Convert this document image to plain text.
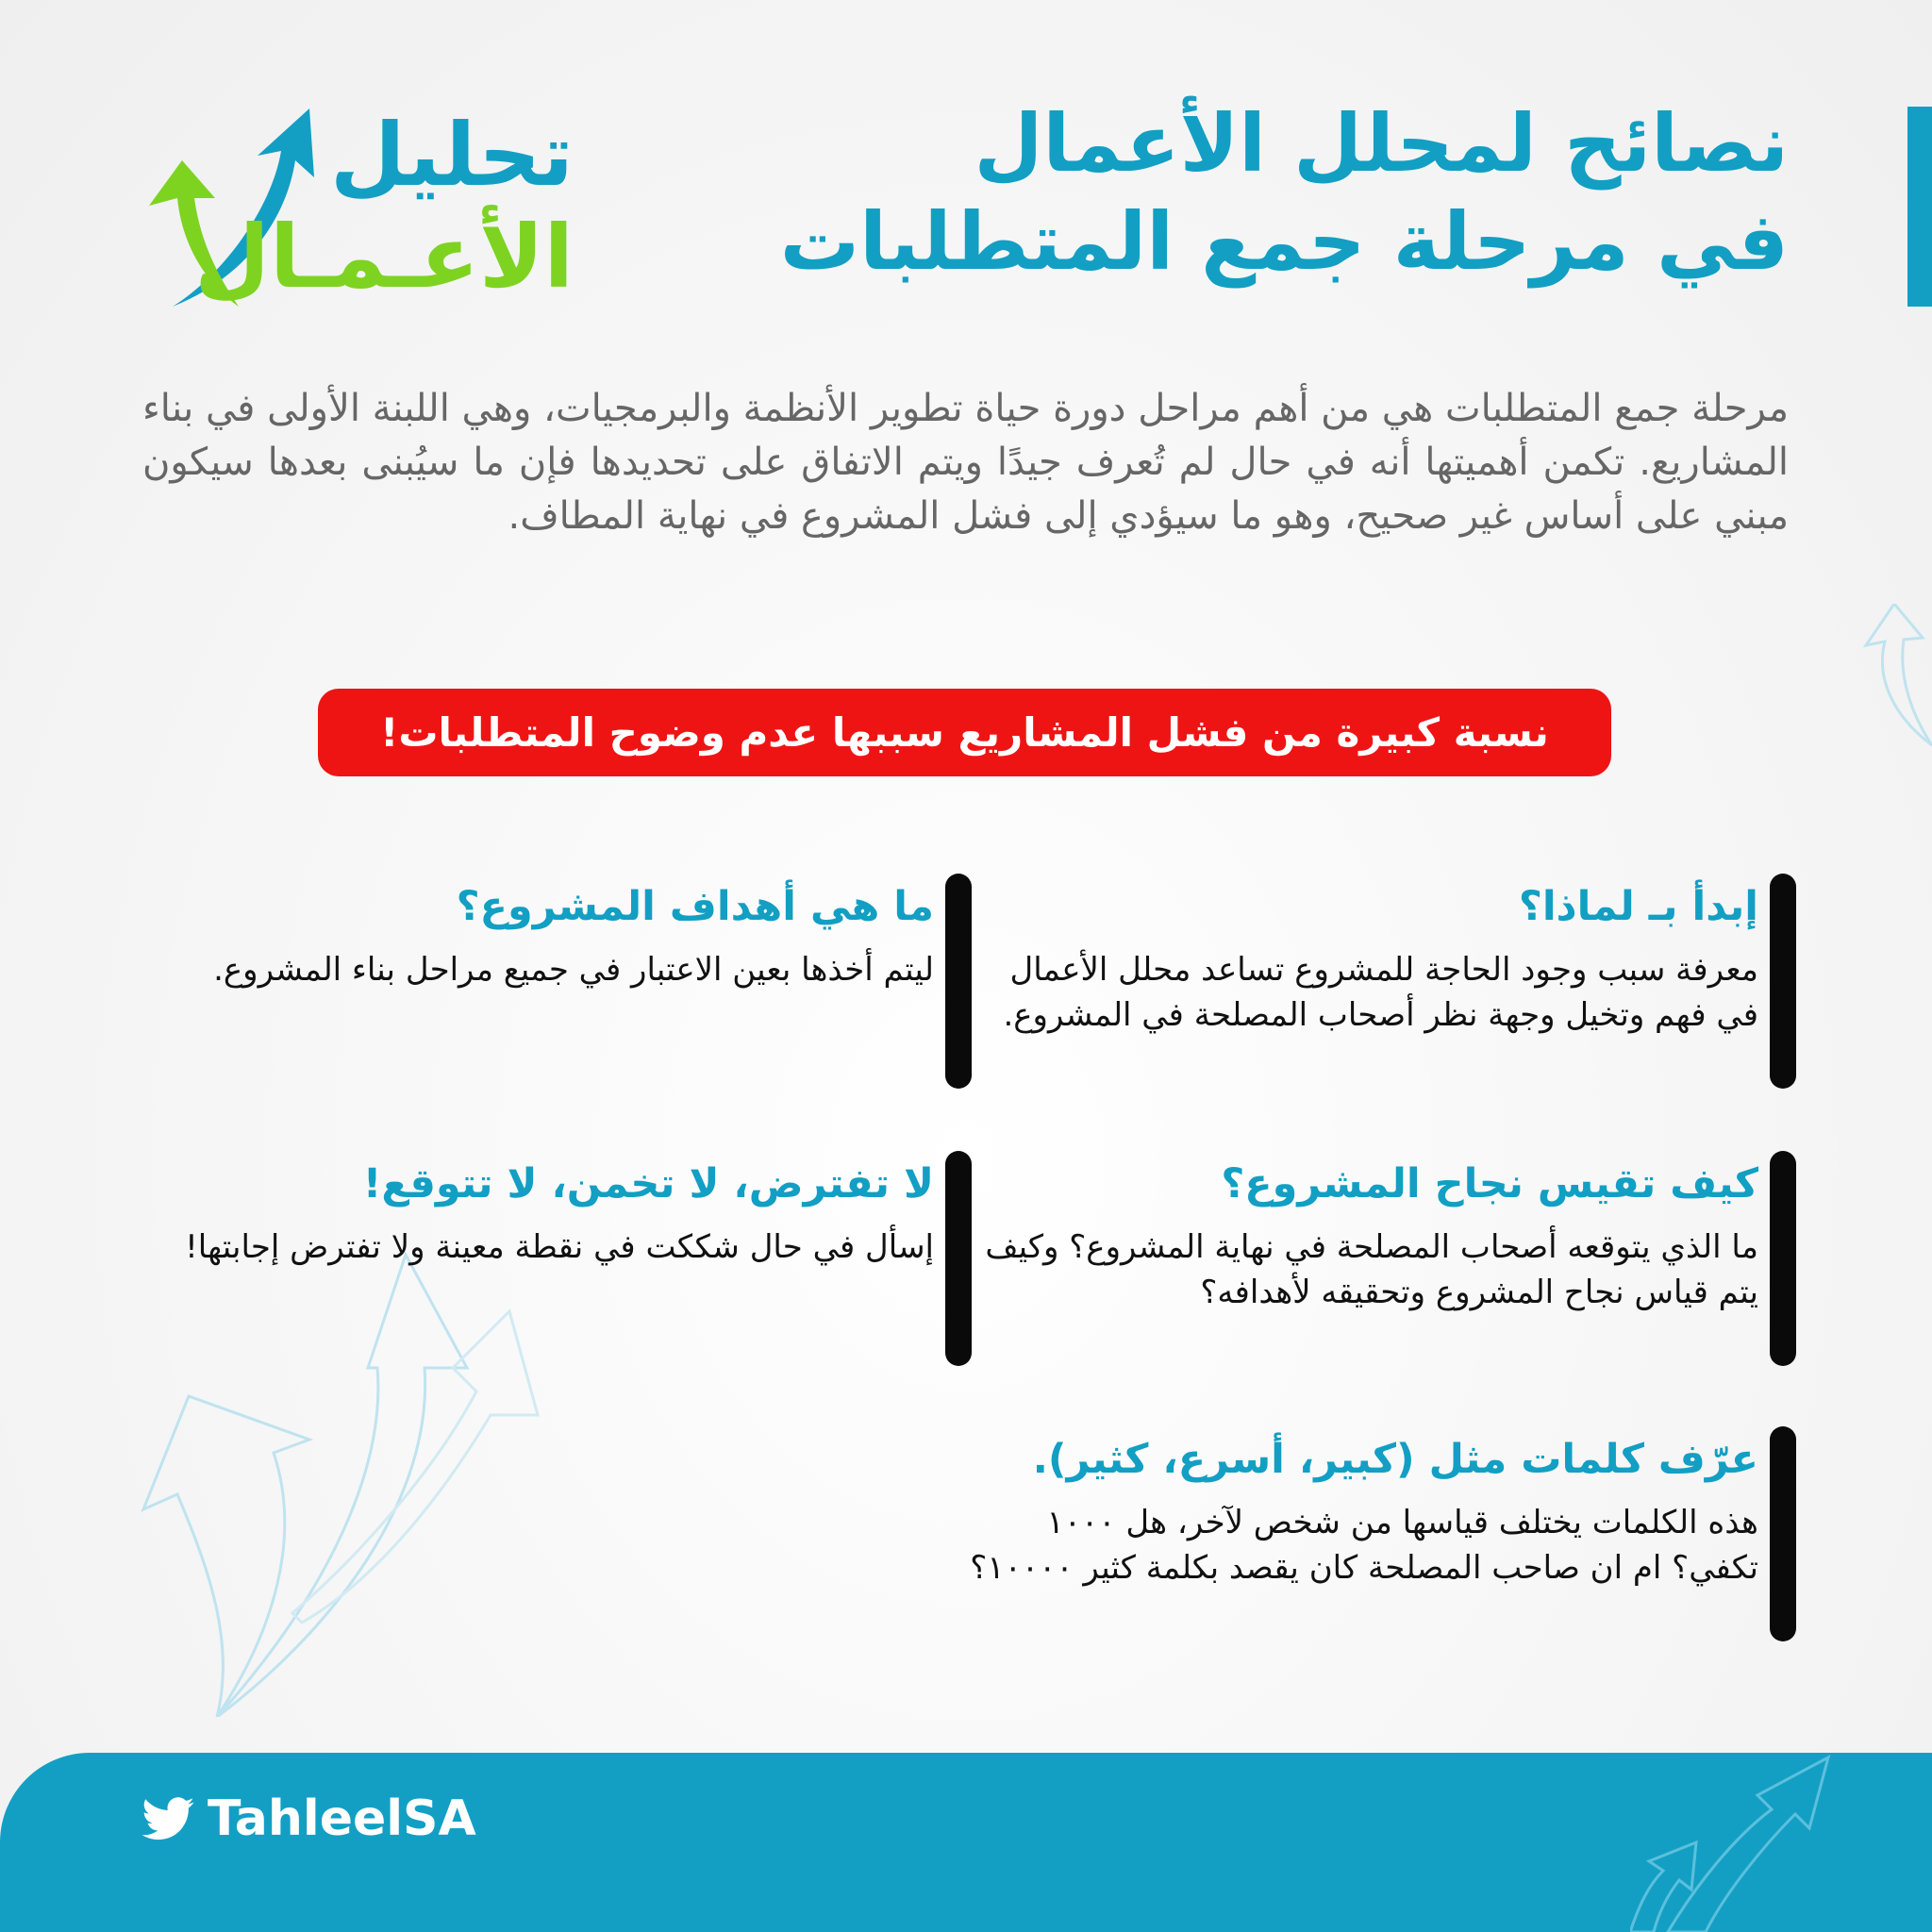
نصائح لمحلل الأعمال
في مرحلة جمع المتطلبات
تحليل
الأعـمـال

مرحلة جمع المتطلبات هي من أهم مراحل دورة حياة تطوير الأنظمة والبرمجيات، وهي اللبنة الأولى في بناء المشاريع. تكمن أهميتها أنه في حال لم تُعرف جيدًا ويتم الاتفاق على تحديدها فإن ما سيُبنى بعدها سيكون مبني على أساس غير صحيح، وهو ما سيؤدي إلى فشل المشروع في نهاية المطاف.

نسبة كبيرة من فشل المشاريع سببها عدم وضوح المتطلبات!
إبدأ بـ لماذا؟

معرفة سبب وجود الحاجة للمشروع تساعد محلل الأعمال في فهم وتخيل وجهة نظر أصحاب المصلحة في المشروع.

ما هي أهداف المشروع؟

ليتم أخذها بعين الاعتبار في جميع مراحل بناء المشروع.

كيف تقيس نجاح المشروع؟

ما الذي يتوقعه أصحاب المصلحة في نهاية المشروع؟ وكيف يتم قياس نجاح المشروع وتحقيقه لأهدافه؟

لا تفترض، لا تخمن، لا تتوقع!

إسأل في حال شككت في نقطة معينة ولا تفترض إجابتها!

عرّف كلمات مثل (كبير، أسرع، كثير).

هذه الكلمات يختلف قياسها من شخص لآخر، هل ١٠٠٠ تكفي؟ ام ان صاحب المصلحة كان يقصد بكلمة كثير ١٠٠٠٠؟

TahleelSA
